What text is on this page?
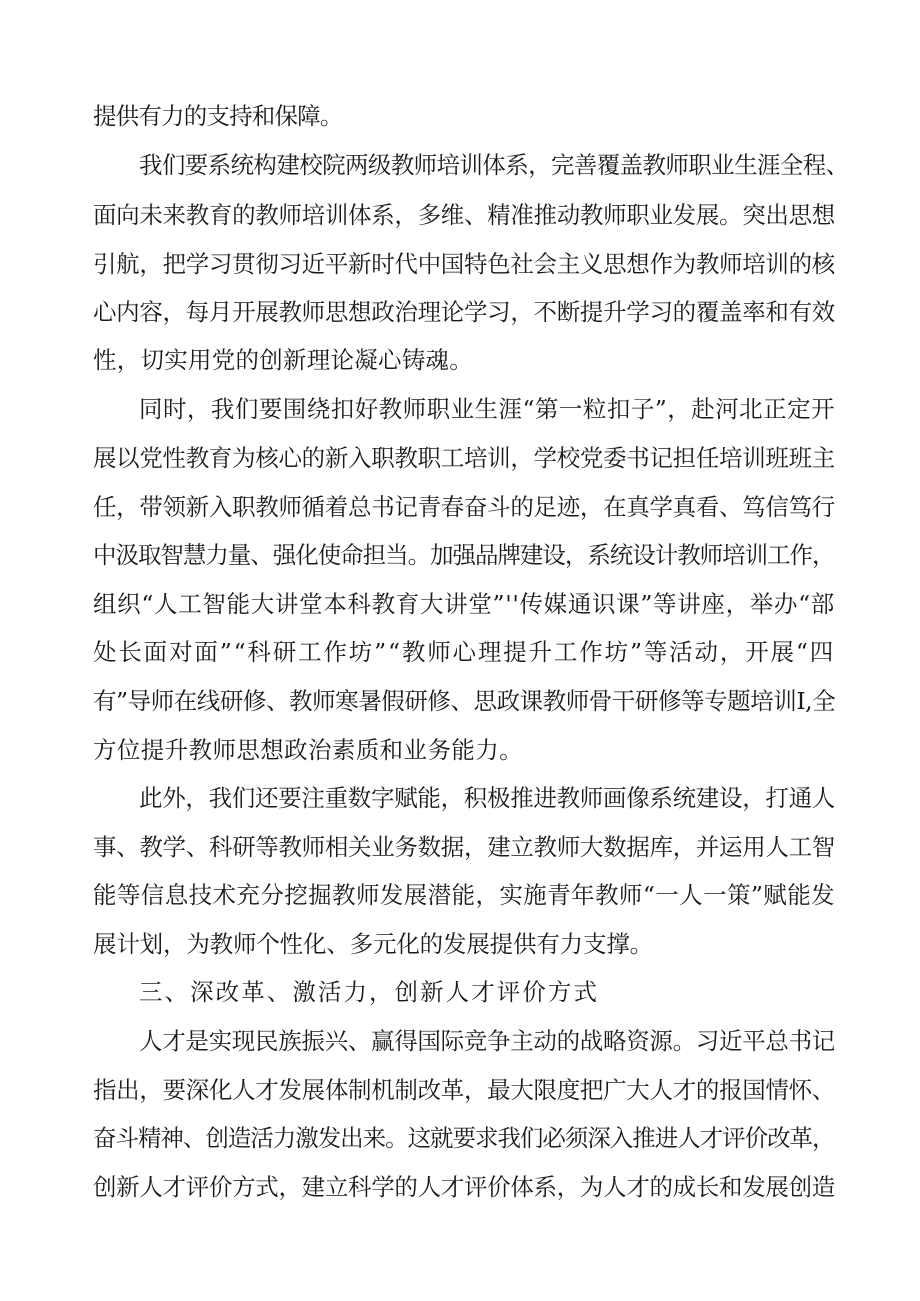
提供有力的支持和保障。
我们要系统构建校院两级教师培训体系，完善覆盖教师职业生涯全程、
面向未来教育的教师培训体系，多维、精准推动教师职业发展。突出思想
引航，把学习贯彻习近平新时代中国特色社会主义思想作为教师培训的核
心内容，每月开展教师思想政治理论学习，不断提升学习的覆盖率和有效
性，切实用党的创新理论凝心铸魂。
同时，我们要围绕扣好教师职业生涯“第一粒扣子”，赴河北正定开
展以党性教育为核心的新入职教职工培训，学校党委书记担任培训班班主
任，带领新入职教师循着总书记青春奋斗的足迹，在真学真看、笃信笃行
中汲取智慧力量、强化使命担当。加强品牌建设，系统设计教师培训工作，
组织“人工智能大讲堂本科教育大讲堂”''传媒通识课”等讲座，举办“部
处长面对面”“科研工作坊”“教师心理提升工作坊”等活动，开展“四
有”导师在线研修、教师寒暑假研修、思政课教师骨干研修等专题培训I,全
方位提升教师思想政治素质和业务能力。
此外，我们还要注重数字赋能，积极推进教师画像系统建设，打通人
事、教学、科研等教师相关业务数据，建立教师大数据库，并运用人工智
能等信息技术充分挖掘教师发展潜能，实施青年教师“一人一策”赋能发
展计划，为教师个性化、多元化的发展提供有力支撑。
三、深改革、激活力，创新人才评价方式
人才是实现民族振兴、赢得国际竞争主动的战略资源。习近平总书记
指出，要深化人才发展体制机制改革，最大限度把广大人才的报国情怀、
奋斗精神、创造活力激发出来。这就要求我们必须深入推进人才评价改革，
创新人才评价方式，建立科学的人才评价体系，为人才的成长和发展创造
